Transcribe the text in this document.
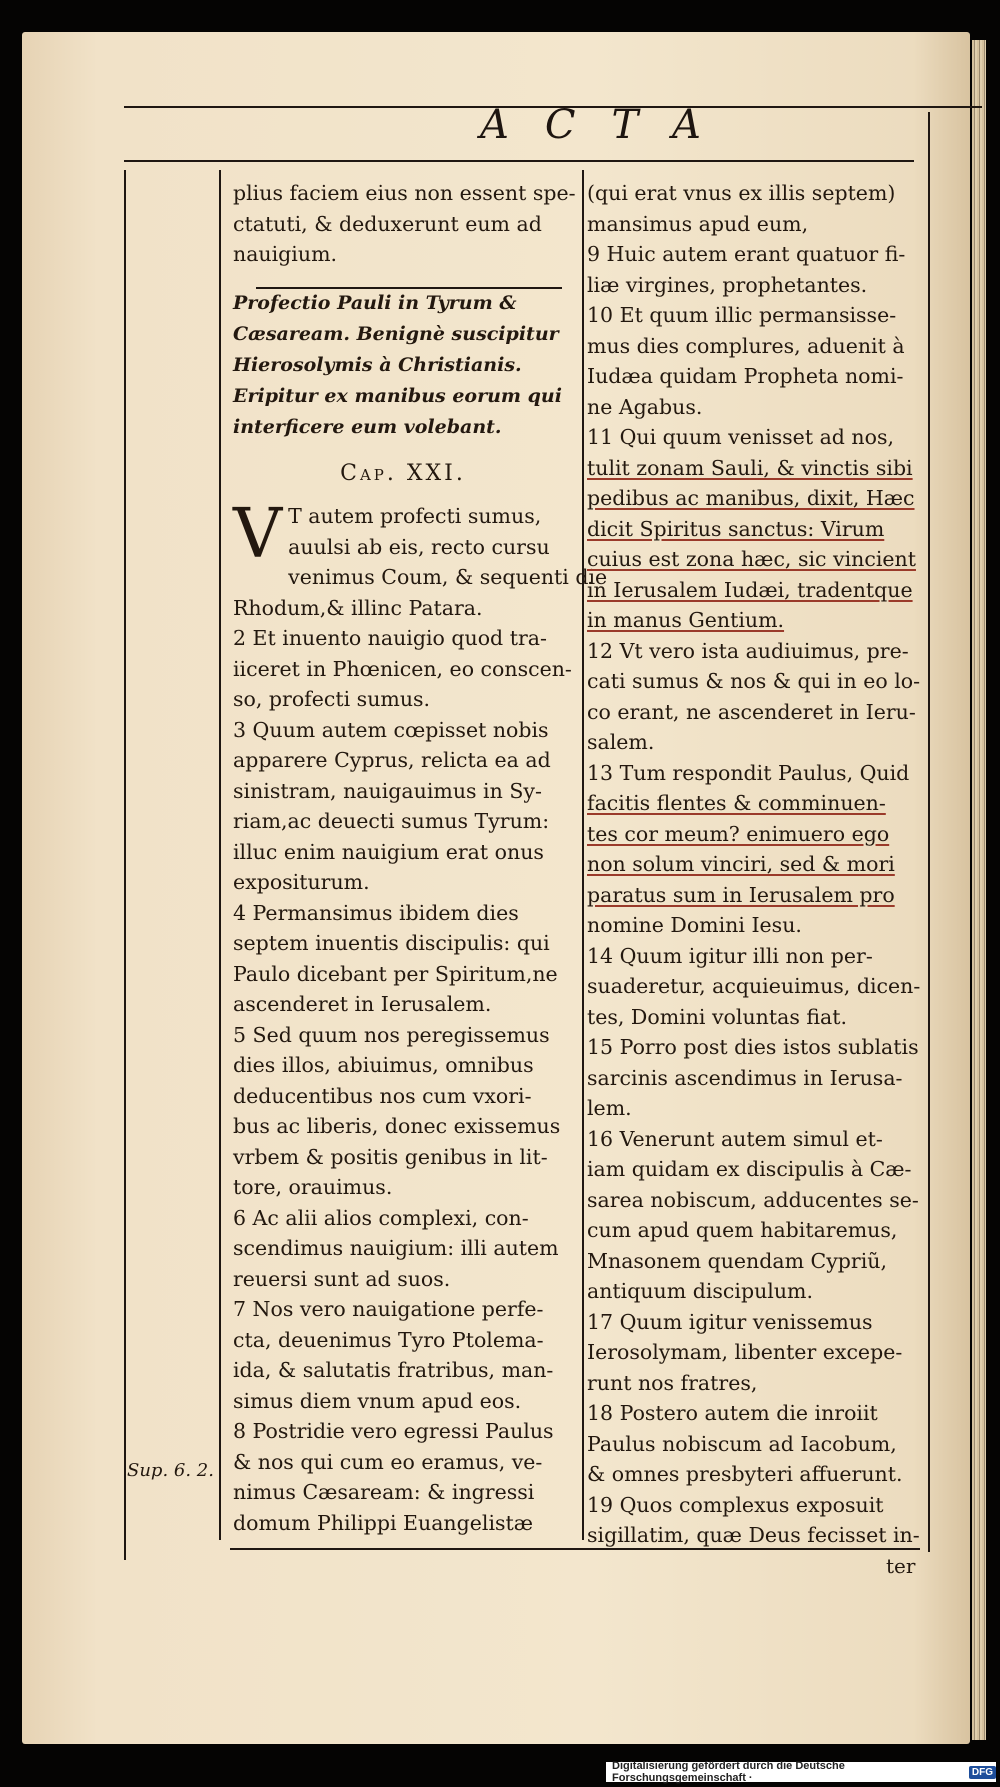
ACTA

plius faciem eius non essent spe-
ctatuti, & deduxerunt eum ad
nauigium.

Profectio Pauli in Tyrum & Cæsaream. Benignè suscipitur Hierosolymis à Christianis. Eripitur ex manibus eorum qui interficere eum volebant.

Cap. XXI.

V T autem profecti sumus,
auulsi ab eis, recto cursu
venimus Coum, & sequenti die
Rhodum,& illinc Patara.
2 Et inuento nauigio quod tra-
iiceret in Phœnicen, eo conscen-
so, profecti sumus.
3 Quum autem cœpisset nobis
apparere Cyprus, relicta ea ad
sinistram, nauigauimus in Sy-
riam,ac deuecti sumus Tyrum:
illuc enim nauigium erat onus
expositurum.
4 Permansimus ibidem dies
septem inuentis discipulis: qui
Paulo dicebant per Spiritum,ne
ascenderet in Ierusalem.
5 Sed quum nos peregissemus
dies illos, abiuimus, omnibus
deducentibus nos cum vxori-
bus ac liberis, donec exissemus
vrbem & positis genibus in lit-
tore, orauimus.
6 Ac alii alios complexi, con-
scendimus nauigium: illi autem
reuersi sunt ad suos.
7 Nos vero nauigatione perfe-
cta, deuenimus Tyro Ptolema-
ida, & salutatis fratribus, man-
simus diem vnum apud eos.
8 Postridie vero egressi Paulus
& nos qui cum eo eramus, ve-
nimus Cæsaream: & ingressi
domum Philippi Euangelistæ

(qui erat vnus ex illis septem)
mansimus apud eum,
9 Huic autem erant quatuor fi-
liæ virgines, prophetantes.
10 Et quum illic permansisse-
mus dies complures, aduenit à
Iudæa quidam Propheta nomi-
ne Agabus.
11 Qui quum venisset ad nos,
tulit zonam Sauli, & vinctis sibi
pedibus ac manibus, dixit, Hæc
dicit Spiritus sanctus: Virum
cuius est zona hæc, sic vincient
in Ierusalem Iudæi, tradentque
in manus Gentium.
12 Vt vero ista audiuimus, pre-
cati sumus & nos & qui in eo lo-
co erant, ne ascenderet in Ieru-
salem.
13 Tum respondit Paulus, Quid
facitis flentes & comminuen-
tes cor meum? enimuero ego
non solum vinciri, sed & mori
paratus sum in Ierusalem pro
nomine Domini Iesu.
14 Quum igitur illi non per-
suaderetur, acquieuimus, dicen-
tes, Domini voluntas fiat.
15 Porro post dies istos sublatis
sarcinis ascendimus in Ierusa-
lem.
16 Venerunt autem simul et-
iam quidam ex discipulis à Cæ-
sarea nobiscum, adducentes se-
cum apud quem habitaremus,
Mnasonem quendam Cypriũ,
antiquum discipulum.
17 Quum igitur venissemus
Ierosolymam, libenter excepe-
runt nos fratres,
18 Postero autem die inroiit
Paulus nobiscum ad Iacobum,
& omnes presbyteri affuerunt.
19 Quos complexus exposuit
sigillatim, quæ Deus fecisset in-

Sup. 6. 2.
ter
Digitalisierung gefördert durch die Deutsche Forschungsgemeinschaft ·	DFG
